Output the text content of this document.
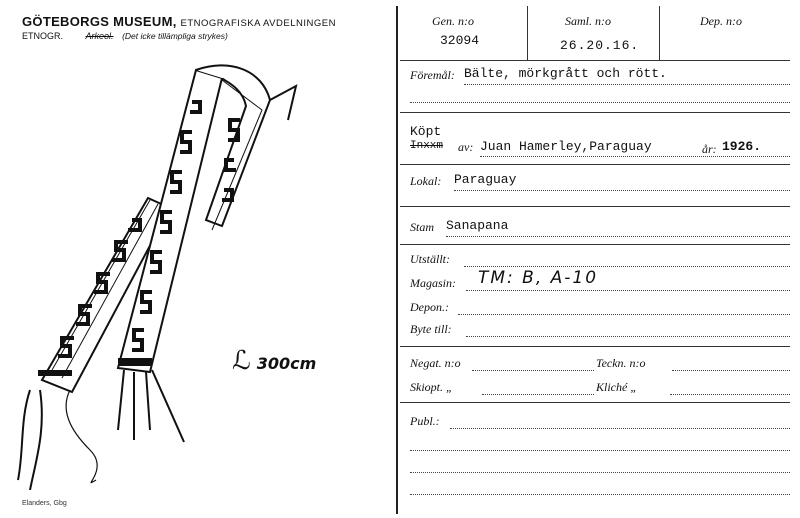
GÖTEBORGS MUSEUM, ETNOGRAFISKA AVDELNINGEN
ETNOGR.	Arkeol. (Det icke tillämpliga strykes)
ℒ 300cm
Elanders, Gbg
Gen. n:o	Saml. n:o	Dep. n:o
32094	26.20.16.
Föremål: Bälte, mörkgrått och rött.
Köpt
Inxxm av: Juan Hamerley,Paraguay	år: 1926.
Lokal: Paraguay
Stam Sanapana
Utställt:
Magasin: TM: B, A-10
Depon.:
Byte till:
Negat. n:o	Teckn. n:o
Skiopt. „	Kliché „
Publ.:
